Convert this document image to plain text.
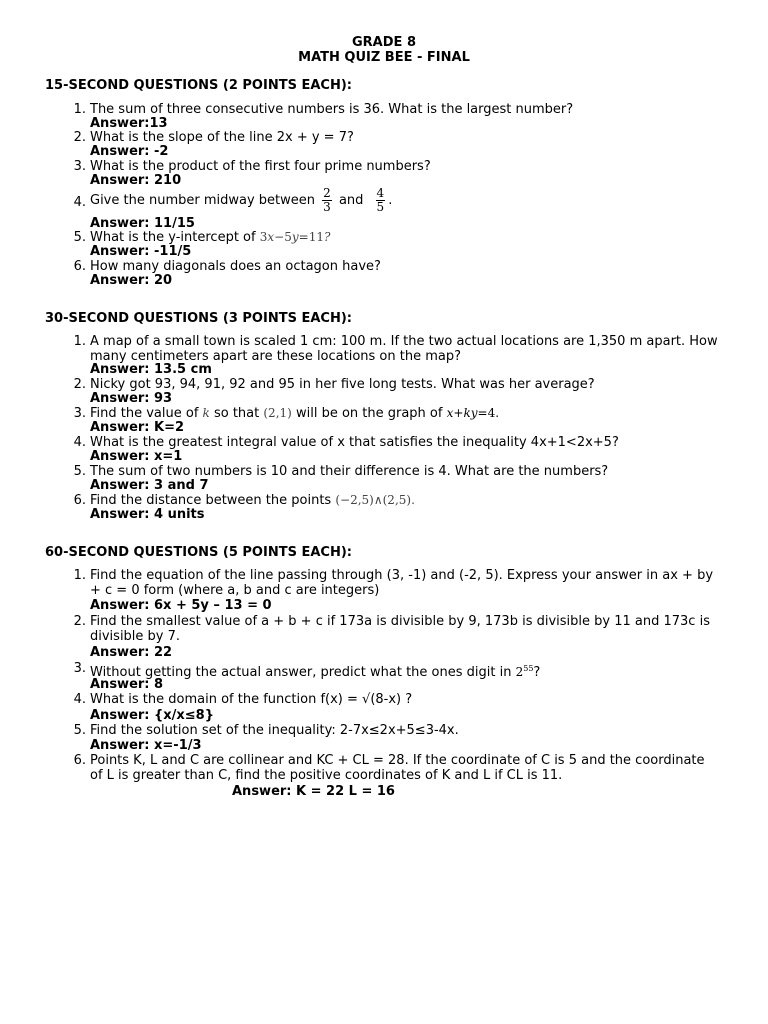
GRADE 8
MATH QUIZ BEE - FINAL
15-SECOND QUESTIONS (2 POINTS EACH):
1. The sum of three consecutive numbers is 36. What is the largest number?
Answer:13
2. What is the slope of the line 2x + y = 7?
Answer: -2
3. What is the product of the first four prime numbers?
Answer: 210
4. Give the number midway between $\frac{2}{3}$ and $\frac{4}{5}$ .
Answer: 11/15
5. What is the y-intercept of 3x−5y=11?
Answer: -11/5
6. How many diagonals does an octagon have?
Answer: 20
30-SECOND QUESTIONS (3 POINTS EACH):
1. A map of a small town is scaled 1 cm: 100 m. If the two actual locations are 1,350 m apart. How many centimeters apart are these locations on the map?
Answer: 13.5 cm
2. Nicky got 93, 94, 91, 92 and 95 in her five long tests. What was her average?
Answer: 93
3. Find the value of k so that (2,1) will be on the graph of x+ky=4.
Answer: K=2
4. What is the greatest integral value of x that satisfies the inequality 4x+1<2x+5?
Answer: x=1
5. The sum of two numbers is 10 and their difference is 4. What are the numbers?
Answer: 3 and 7
6. Find the distance between the points (−2,5)∧(2,5).
Answer: 4 units
60-SECOND QUESTIONS (5 POINTS EACH):
1. Find the equation of the line passing through (3, -1) and (-2, 5). Express your answer in ax + by + c = 0 form (where a, b and c are integers)
Answer: 6x + 5y – 13 = 0
2. Find the smallest value of a + b + c if 173a is divisible by 9, 173b is divisible by 11 and 173c is divisible by 7.
Answer: 22
3. Without getting the actual answer, predict what the ones digit in $2^{55}$?
Answer: 8
4. What is the domain of the function f(x) = √(8-x) ?
Answer: {x/x≤8}
5. Find the solution set of the inequality: 2-7x≤2x+5≤3-4x.
Answer: x=-1/3
6. Points K, L and C are collinear and KC + CL = 28. If the coordinate of C is 5 and the coordinate of L is greater than C, find the positive coordinates of K and L if CL is 11.
Answer: K = 22 L = 16
